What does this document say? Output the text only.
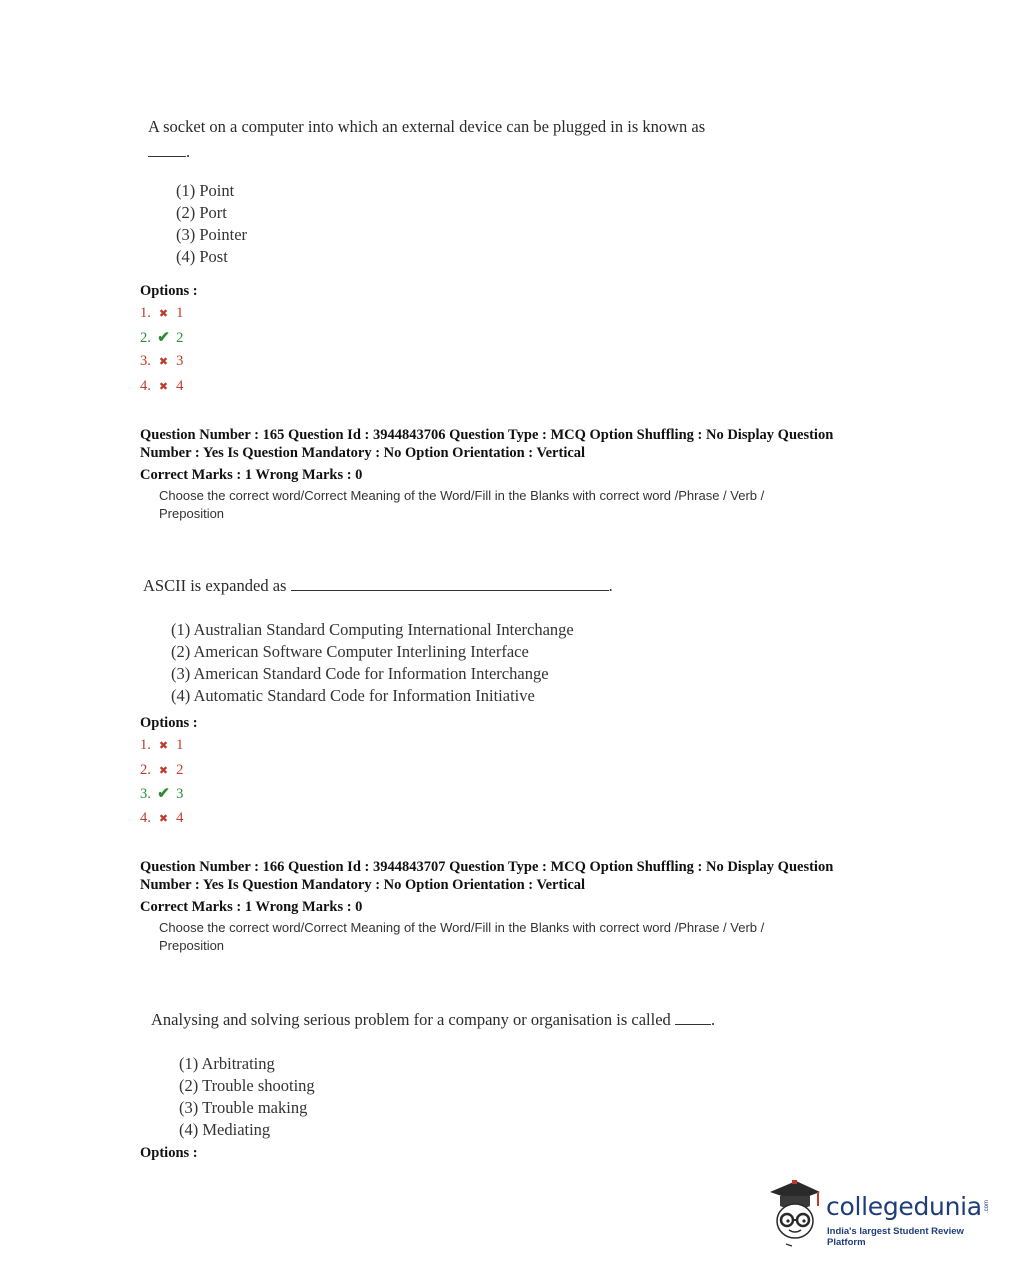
A socket on a computer into which an external device can be plugged in is known as
.
(1) Point
(2) Port
(3) Pointer
(4) Post
Options :
1. ✖ 1
2. ✔ 2
3. ✖ 3
4. ✖ 4
Question Number : 165 Question Id : 3944843706 Question Type : MCQ Option Shuffling : No Display Question
Number : Yes Is Question Mandatory : No Option Orientation : Vertical
Correct Marks : 1 Wrong Marks : 0
Choose the correct word/Correct Meaning of the Word/Fill in the Blanks with correct word /Phrase / Verb /
Preposition
ASCII is expanded as	.
(1) Australian Standard Computing International Interchange
(2) American Software Computer Interlining Interface
(3) American Standard Code for Information Interchange
(4) Automatic Standard Code for Information Initiative
Options :
1. ✖ 1
2. ✖ 2
3. ✔ 3
4. ✖ 4
Question Number : 166 Question Id : 3944843707 Question Type : MCQ Option Shuffling : No Display Question
Number : Yes Is Question Mandatory : No Option Orientation : Vertical
Correct Marks : 1 Wrong Marks : 0
Choose the correct word/Correct Meaning of the Word/Fill in the Blanks with correct word /Phrase / Verb /
Preposition
Analysing and solving serious problem for a company or organisation is called .
(1) Arbitrating
(2) Trouble shooting
(3) Trouble making
(4) Mediating
Options :
collegedunia .com
India's largest Student Review Platform
